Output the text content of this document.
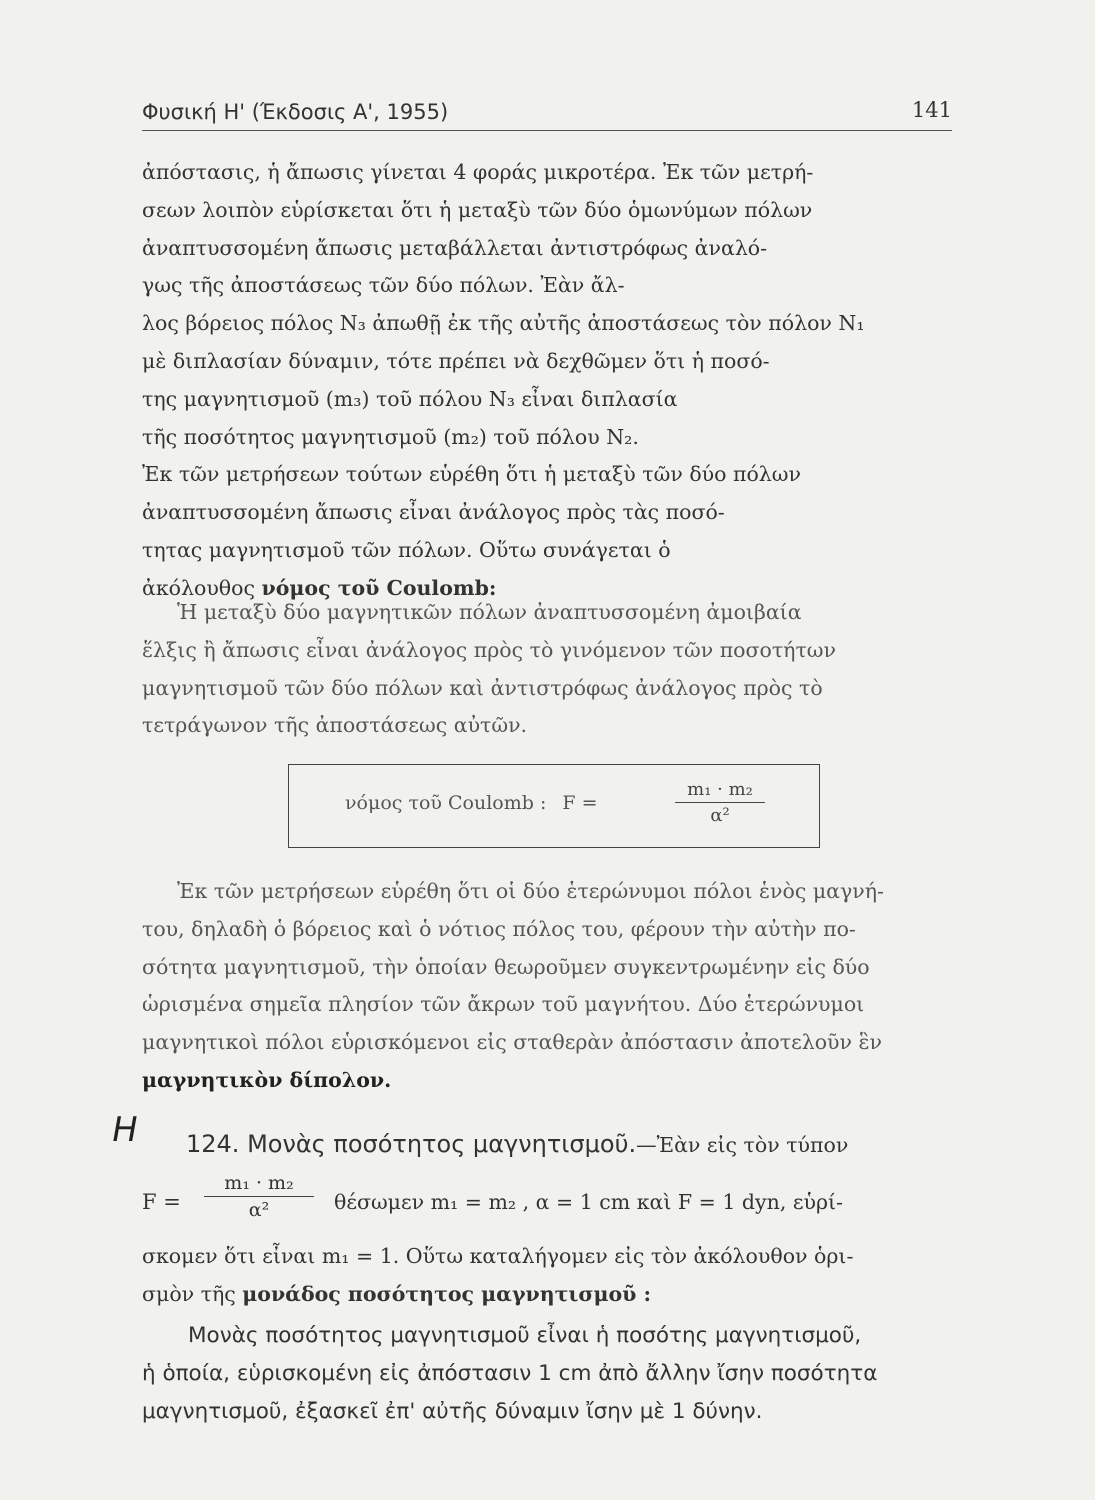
Φυσική Η' (Έκδοσις Α', 1955)	141
ἀπόστασις, ἡ ἄπωσις γίνεται 4 φοράς μικροτέρα. Ἐκ τῶν μετρή-
σεων λοιπὸν εὑρίσκεται ὅτι ἡ μεταξὺ τῶν δύο ὁμωνύμων πόλων
ἀναπτυσσομένη ἄπωσις μεταβάλλεται ἀντιστρόφως ἀναλό-
γως τῆς ἀποστάσεως τῶν δύο πόλων. Ἐὰν ἄλ-
λος βόρειος πόλος N₃ ἀπωθῇ ἐκ τῆς αὐτῆς ἀποστάσεως τὸν πόλον N₁
μὲ διπλασίαν δύναμιν, τότε πρέπει νὰ δεχθῶμεν ὅτι ἡ ποσό-
της μαγνητισμοῦ (m₃) τοῦ πόλου N₃ εἶναι διπλασία
τῆς ποσότητος μαγνητισμοῦ (m₂) τοῦ πόλου N₂.
Ἐκ τῶν μετρήσεων τούτων εὑρέθη ὅτι ἡ μεταξὺ τῶν δύο πόλων
ἀναπτυσσομένη ἄπωσις εἶναι ἀνάλογος πρὸς τὰς ποσό-
τητας μαγνητισμοῦ τῶν πόλων. Οὕτω συνάγεται ὁ
ἀκόλουθος νόμος τοῦ Coulomb:
Ἡ μεταξὺ δύο μαγνητικῶν πόλων ἀναπτυσσομένη ἀμοιβαία
ἕλξις ἢ ἄπωσις εἶναι ἀνάλογος πρὸς τὸ γινόμενον τῶν ποσοτήτων
μαγνητισμοῦ τῶν δύο πόλων καὶ ἀντιστρόφως ἀνάλογος πρὸς τὸ
τετράγωνον τῆς ἀποστάσεως αὐτῶν.
νόμος τοῦ Coulomb : F =
m₁ · m₂
α²
Ἐκ τῶν μετρήσεων εὑρέθη ὅτι οἱ δύο ἑτερώνυμοι πόλοι ἑνὸς μαγνή-
του, δηλαδὴ ὁ βόρειος καὶ ὁ νότιος πόλος του, φέρουν τὴν αὐτὴν πο-
σότητα μαγνητισμοῦ, τὴν ὁποίαν θεωροῦμεν συγκεντρωμένην εἰς δύο
ὡρισμένα σημεῖα πλησίον τῶν ἄκρων τοῦ μαγνήτου. Δύο ἑτερώνυμοι
μαγνητικοὶ πόλοι εὑρισκόμενοι εἰς σταθερὰν ἀπόστασιν ἀποτελοῦν ἓν
μαγνητικὸν δίπολον.
H 124. Μονὰς ποσότητος μαγνητισμοῦ.—Ἐὰν εἰς τὸν τύπον
F =
m₁ · m₂
α²	θέσωμεν m₁ = m₂ , α = 1 cm καὶ F = 1 dyn, εὑρί-
σκομεν ὅτι εἶναι m₁ = 1. Οὕτω καταλήγομεν εἰς τὸν ἀκόλουθον ὁρι-
σμὸν τῆς μονάδος ποσότητος μαγνητισμοῦ :
Μονὰς ποσότητος μαγνητισμοῦ εἶναι ἡ ποσότης μαγνητισμοῦ,
ἡ ὁποία, εὑρισκομένη εἰς ἀπόστασιν 1 cm ἀπὸ ἄλλην ἴσην ποσότητα
μαγνητισμοῦ, ἐξασκεῖ ἐπ' αὐτῆς δύναμιν ἴσην μὲ 1 δύνην.
